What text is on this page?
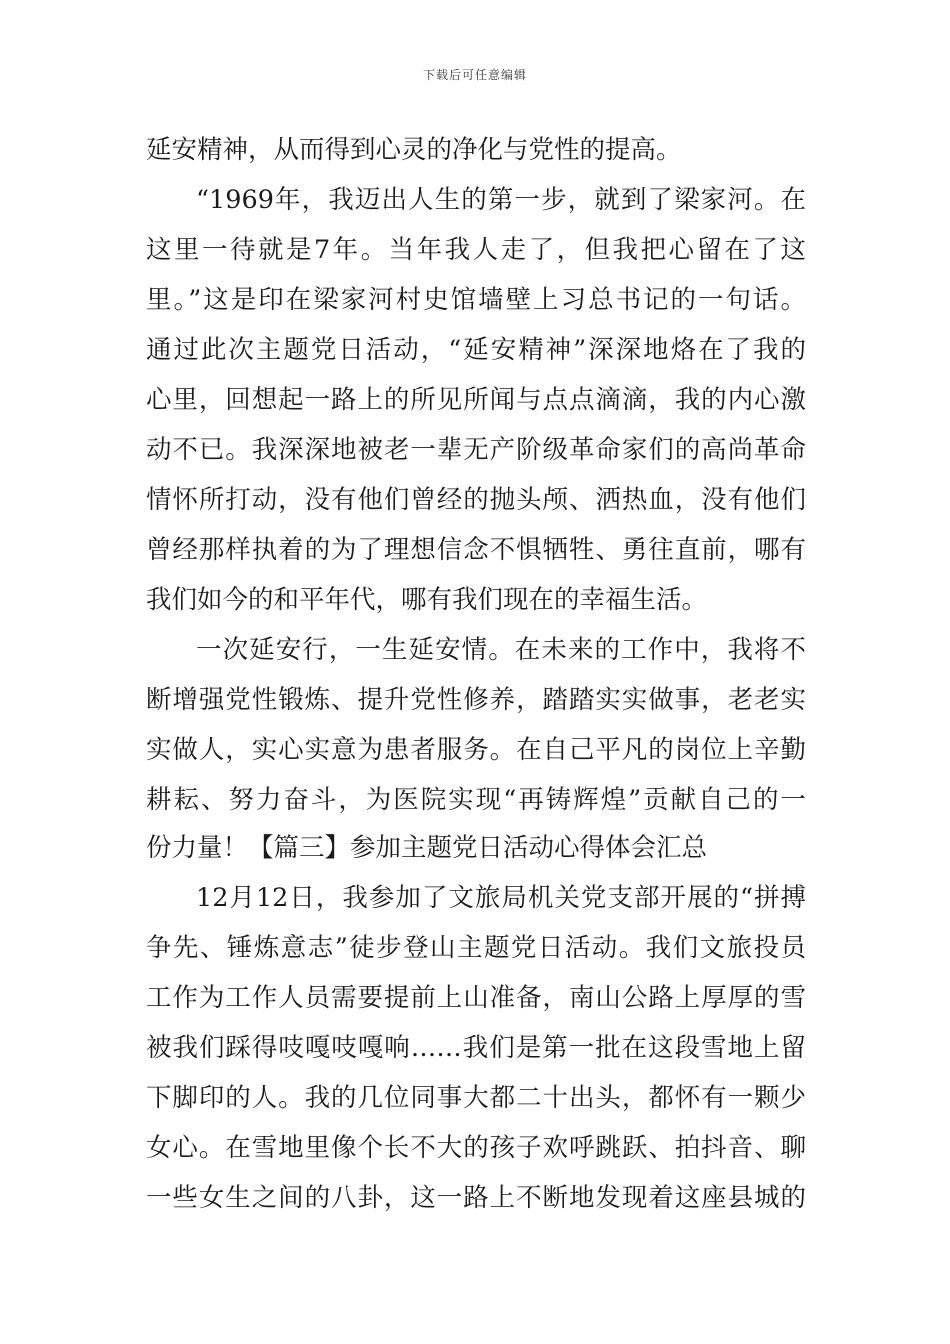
下载后可任意编辑
延安精神，从而得到心灵的净化与党性的提高。
“1969年，我迈出人生的第一步，就到了梁家河。在
这里一待就是7年。当年我人走了，但我把心留在了这
里。”这是印在梁家河村史馆墙壁上习总书记的一句话。
通过此次主题党日活动，“延安精神”深深地烙在了我的
心里，回想起一路上的所见所闻与点点滴滴，我的内心激
动不已。我深深地被老一辈无产阶级革命家们的高尚革命
情怀所打动，没有他们曾经的抛头颅、洒热血，没有他们
曾经那样执着的为了理想信念不惧牺牲、勇往直前，哪有
我们如今的和平年代，哪有我们现在的幸福生活。
一次延安行，一生延安情。在未来的工作中，我将不
断增强党性锻炼、提升党性修养，踏踏实实做事，老老实
实做人，实心实意为患者服务。在自己平凡的岗位上辛勤
耕耘、努力奋斗，为医院实现“再铸辉煌”贡献自己的一
份力量！【篇三】参加主题党日活动心得体会汇总
12月12日，我参加了文旅局机关党支部开展的“拼搏
争先、锤炼意志”徒步登山主题党日活动。我们文旅投员
工作为工作人员需要提前上山准备，南山公路上厚厚的雪
被我们踩得吱嘎吱嘎响……我们是第一批在这段雪地上留
下脚印的人。我的几位同事大都二十出头，都怀有一颗少
女心。在雪地里像个长不大的孩子欢呼跳跃、拍抖音、聊
一些女生之间的八卦，这一路上不断地发现着这座县城的
